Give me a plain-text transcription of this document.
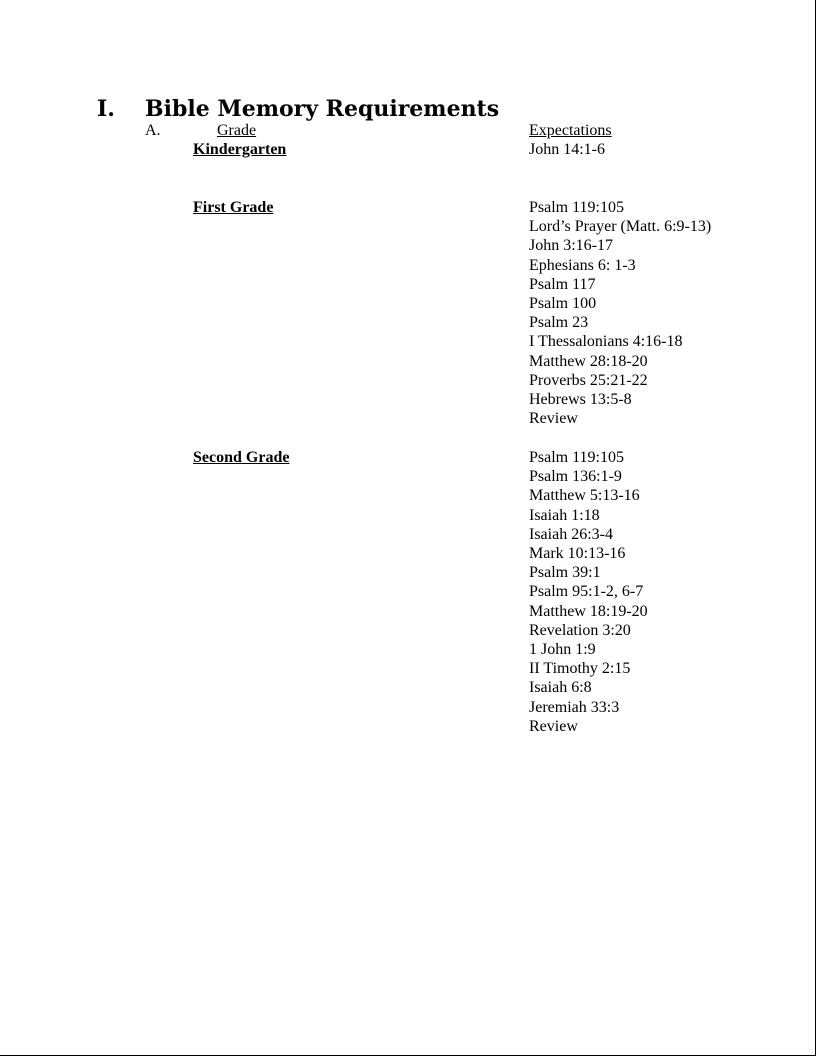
I. Bible Memory Requirements
A.	Grade	Expectations
Kindergarten	John 14:1-6
First Grade	Psalm 119:105
Lord’s Prayer (Matt. 6:9-13)
John 3:16-17
Ephesians 6: 1-3
Psalm 117
Psalm 100
Psalm 23
I Thessalonians 4:16-18
Matthew 28:18-20
Proverbs 25:21-22
Hebrews 13:5-8
Review
Second Grade	Psalm 119:105
Psalm 136:1-9
Matthew 5:13-16
Isaiah 1:18
Isaiah 26:3-4
Mark 10:13-16
Psalm 39:1
Psalm 95:1-2, 6-7
Matthew 18:19-20
Revelation 3:20
1 John 1:9
II Timothy 2:15
Isaiah 6:8
Jeremiah 33:3
Review
